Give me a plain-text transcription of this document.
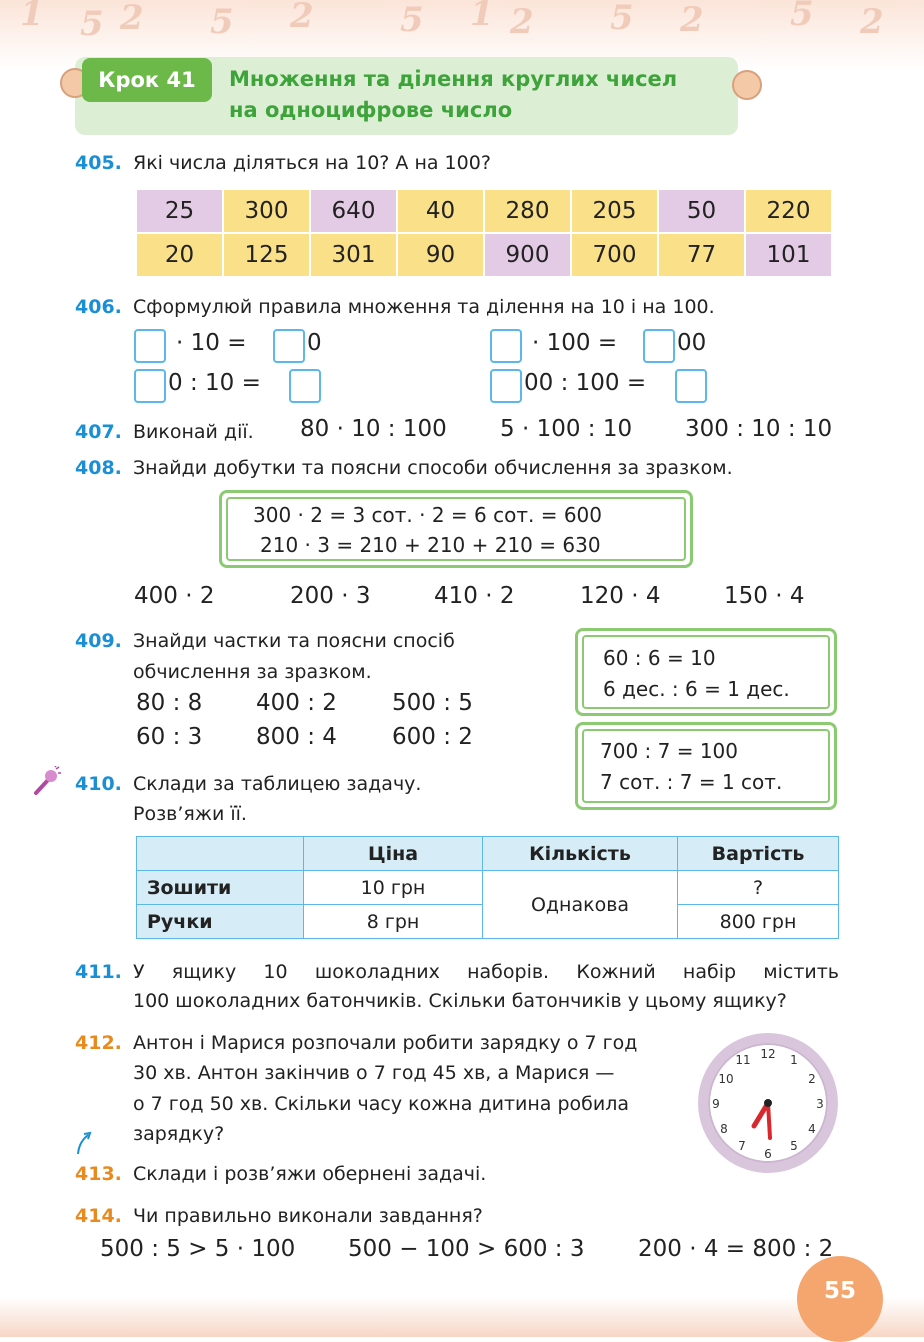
1 5 2 5 2	5 1 2 5 2	5 2
Крок 41	Множення та ділення круглих чисел
на одноцифрове число
405. Які числа діляться на 10? А на 100?
25	300	640	40	280	205	50	220
20	125	301	90	900	700	77	101
406. Сформулюй правила множення та ділення на 10 і на 100.
· 10 =	0
0 : 10 =
· 100 =	00
00 : 100 =
407. Виконай дії. 80 · 10 : 100 5 · 100 : 10 300 : 10 : 10
408. Знайди добутки та поясни способи обчислення за зразком.
300 · 2 = 3 сот. · 2 = 6 сот. = 600
210 · 3 = 210 + 210 + 210 = 630
400 · 2	200 · 3	410 · 2	120 · 4	150 · 4
409. Знайди частки та поясни спосіб
обчислення за зразком.
80 : 8 400 : 2 500 : 5
60 : 3 800 : 4 600 : 2
60 : 6 = 10
6 дес. : 6 = 1 дес.
700 : 7 = 100
7 сот. : 7 = 1 сот.
410. Склади за таблицею задачу.
Розв’яжи її.
	Ціна	Кількість	Вартість
Зошити	10 грн	Однакова	?
Ручки	8 грн		800 грн
411. У ящику 10 шоколадних наборів. Кожний набір містить
100 шоколадних батончиків. Скільки батончиків у цьому ящику?
412. Антон і Марися розпочали робити зарядку о 7 год
30 хв. Антон закінчив о 7 год 45 хв, а Марися —
о 7 год 50 хв. Скільки часу кожна дитина робила
зарядку?
12 1
2
3
4
5
6
7
8
9
10
11
413. Склади і розв’яжи обернені задачі.
414. Чи правильно виконали завдання?
500 : 5 > 5 · 100 500 − 100 > 600 : 3 200 · 4 = 800 : 2
55
